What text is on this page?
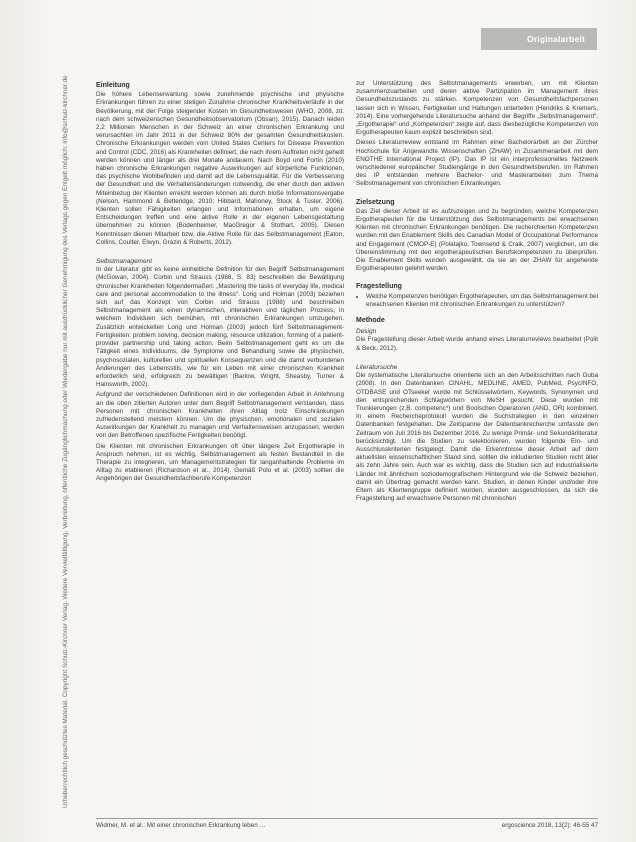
Urheberrechtlich geschütztes Material. Copyright Schulz-Kirchner Verlag. Weitere Vervielfältigung, Verbreitung, öffentliche Zugänglichmachung oder Wiedergabe nur mit ausdrücklicher Genehmigung des Verlags gegen Entgelt möglich: info@schulz-kirchner.de
Originalarbeit
Einleitung

Die höhere Lebenserwartung sowie zunehmende psychische und physische Erkrankungen führen zu einer stetigen Zunahme chronischer Krankheitsverläufe in der Bevölkerung, mit der Folge steigender Kosten im Gesundheitswesen (WHO, 2008, zit. nach dem schweizerischen Gesundheitsobservatorium (Obsan), 2015). Danach leiden 2,2 Millionen Menschen in der Schweiz an einer chronischen Erkrankung und verursachten im Jahr 2011 in der Schweiz 80% der gesamten Gesundheitskosten. Chronische Erkrankungen werden vom United States Centers for Disease Prevention and Control (CDC, 2016) als Krankheiten definiert, die nach ihrem Auftreten nicht geheilt werden können und länger als drei Monate andauern. Nach Boyd und Fortin (2010) haben chronische Erkrankungen negative Auswirkungen auf körperliche Funktionen, das psychische Wohlbefinden und damit auf die Lebensqualität. Für die Verbesserung der Gesundheit und die Verhaltensänderungen notwendig, die eher durch den aktiven Miteinbezug der Klienten erreicht werden können als durch bloße Informationsvergabe (Nelson, Hammond & Betteridge, 2010; Hibbard, Mahoney, Stock & Tusler, 2006). Klienten sollen Fähigkeiten erlangen und Informationen erhalten, um eigene Entscheidungen treffen und eine aktive Rolle in der eigenen Lebensgestaltung übernehmen zu können (Bodenheimer, MacGregor & Stothart, 2005). Diesen Kenntnissen dienen Mitarbeit bzw. die Aktive Rolle für das Selbstmanagement (Eaton, Collins, Coulter, Elwyn, Grazin & Roberts, 2012).

Selbstmanagement

In der Literatur gibt es keine einheitliche Definition für den Begriff Selbstmanagement (McGowan, 2004). Corbin und Strauss (1988, S. 83) beschreiben die Bewältigung chronischer Krankheiten folgendermaßen: „Mastering the tasks of everyday life, medical care and personal accommodation to the illness“. Lorig und Holman (2003) beziehen sich auf das Konzept von Corbin und Strauss (1988) und beschreiben Selbstmanagement als einen dynamischen, interaktiven und täglichen Prozess, in welchem Individuen sich bemühen, mit chronischen Erkrankungen umzugehen. Zusätzlich entwickelten Lorig und Holman (2003) jedoch fünf Selbstmanagement-Fertigkeiten: problem solving, decision making, resource utilization, forming of a patient-provider partnership und taking action. Beim Selbstmanagement geht es um die Tätigkeit eines Individuums, die Symptome und Behandlung sowie die physischen, psychosozialen, kulturellen und spirituellen Konsequenzen und die damit verbundenen Änderungen des Lebensstils, wie für ein Leben mit einer chronischen Krankheit erforderlich sind, erfolgreich zu bewältigen (Barlow, Wright, Sheasby, Turner & Hainsworth, 2002).

Aufgrund der verschiedenen Definitionen wird in der vorliegenden Arbeit in Anlehnung an die oben zitierten Autoren unter dem Begriff Selbstmanagement verstanden, dass Personen mit chronischen Krankheiten ihren Alltag trotz Einschränkungen zufriedenstellend meistern können. Um die physischen, emotionalen und sozialen Auswirkungen der Krankheit zu managen und Verhaltensweisen anzupassen, werden von den Betroffenen spezifische Fertigkeiten benötigt.

Die Klienten mit chronischen Erkrankungen oft über längere Zeit Ergotherapie in Anspruch nehmen, ist es wichtig, Selbstmanagement als festen Bestandteil in die Therapie zu integrieren, um Managementstrategien für langanhaltende Probleme im Alltag zu etablieren (Richardson et al., 2014). Gemäß Polo et al. (2003) sollten die Angehörigen der Gesundheitsfachberufe Kompetenzen

zur Unterstützung des Selbstmanagements erwerben, um mit Klienten zusammenzuarbeiten und deren aktive Partizipation im Management ihres Gesundheitszustands zu stärken. Kompetenzen von Gesundheitsfachpersonen lassen sich in Wissen, Fertigkeiten und Haltungen unterteilen (Hendriks & Kremers, 2014). Eine vorhergehende Literatursuche anhand der Begriffe „Selbstmanagement“, „Ergotherapie“ und „Kompetenzen“ zeigte auf, dass diesbezügliche Kompetenzen von Ergotherapeuten kaum explizit beschrieben sind.

Dieses Literaturreview entstand im Rahmen einer Bachelorarbeit an der Zürcher Hochschule für Angewandte Wissenschaften (ZHAW) in Zusammenarbeit mit dem ENOTHE International Project (IP). Das IP ist ein interprofessionelles Netzwerk verschiedener europäischer Studiengänge in den Gesundheitsberufen. Im Rahmen des IP entstanden mehrere Bachelor- und Masterarbeiten zum Thema Selbstmanagement von chronischen Erkrankungen.

Zielsetzung

Das Ziel dieser Arbeit ist es aufzuzeigen und zu begründen, welche Kompetenzen Ergotherapeuten für die Unterstützung des Selbstmanagements bei erwachsenen Klienten mit chronischen Erkrankungen benötigen. Die recherchierten Kompetenzen wurden mit den Enablement Skills des Canadian Model of Occupational Performance and Engagement (CMOP-E) (Polatajko, Townsend & Craik, 2007) verglichen, um die Übereinstimmung mit den ergotherapeutischen Berufskompetenzen zu überprüfen. Die Enablement Skills wurden ausgewählt, da sie an der ZHAW für angehende Ergotherapeuten gelehrt werden.

Fragestellung
• Welche Kompetenzen benötigen Ergotherapeuten, um das Selbstmanagement bei erwachsenen Klienten mit chronischen Erkrankungen zu unterstützen?
Methode
Design

Die Fragestellung dieser Arbeit wurde anhand eines Literaturreviews bearbeitet (Polit & Beck, 2012).

Literatursuche

Die systematische Literatursuche orientierte sich an den Arbeitsschritten nach Guba (2008). In den Datenbanken CINAHL, MEDLINE, AMED, PubMed, PsycINFO, OTDBASE und OTseeker wurde mit Schlüsselwörtern, Keywords, Synonymen und den entsprechenden Schlagwörtern von MeSH gesucht. Diese wurden mit Trunkierungen (z.B. competenc*) und Boolschen Operatoren (AND, OR) kombiniert. In einem Rechercheprotokoll wurden die Suchstrategien in den einzelnen Datenbanken festgehalten. Die Zeitspanne der Datenbankrecherche umfasste den Zeitraum von Juli 2016 bis Dezember 2016. Zu wenige Primär- und Sekundärliteratur berücksichtigt. Um die Studien zu selektionieren, wurden folgende Ein- und Ausschlusskriterien festgelegt. Damit die Erkenntnisse dieser Arbeit auf dem aktuellsten wissenschaftlichen Stand sind, sollten die inkludierten Studien nicht älter als zehn Jahre sein. Auch war es wichtig, dass die Studien sich auf industrialisierte Länder mit ähnlichem soziodemografischem Hintergrund wie die Schweiz beziehen, damit ein Übertrag gemacht werden kann. Studien, in denen Kinder und/oder ihre Eltern als Klientengruppe definiert wurden, wurden ausgeschlossen, da sich die Fragestellung auf erwachsene Personen mit chronischen

Widmer, M. et al.: Mit einer chronischen Erkrankung leben …	ergoscience 2018, 13(2): 46-55 47
